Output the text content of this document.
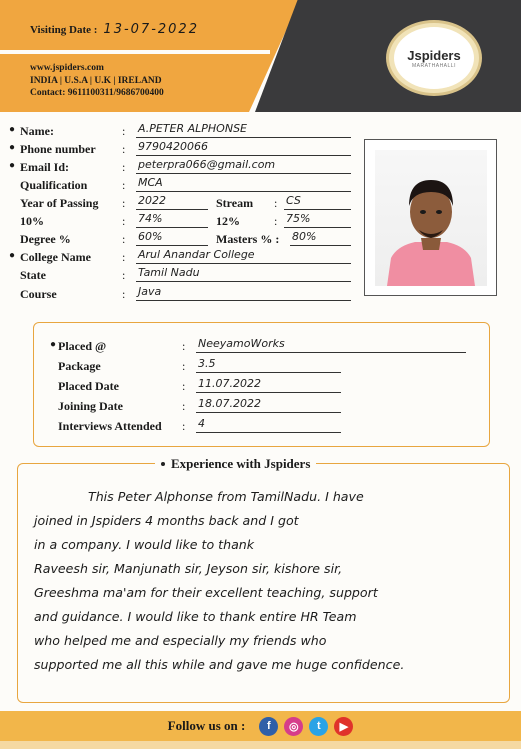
Visiting Date : 13-07-2022
www.jspiders.com
INDIA | U.S.A | U.K | IRELAND
Contact: 9611100311/9686700400
Jspiders
MARATHAHALLI
● Name:	: A.PETER ALPHONSE
● Phone number : 9790420066
● Email Id:	: peterpra066@gmail.com
Qualification	: MCA
Year of Passing : 2022	Stream : CS
10%	: 74%	12%	: 75%
Degree %	: 60%	Masters % : 80%
● College Name	: Arul Anandar College
State	: Tamil Nadu
Course	: Java
● Placed @	: NeeyamoWorks
Package	: 3.5
Placed Date	: 11.07.2022
Joining Date	: 18.07.2022
Interviews Attended : 4
Experience with Jspiders
This Peter Alphonse from TamilNadu. I have
joined in Jspiders 4 months back and I got
in a company. I would like to thank
Raveesh sir, Manjunath sir, Jeyson sir, kishore sir,
Greeshma ma'am for their excellent teaching, support
and guidance. I would like to thank entire HR Team
who helped me and especially my friends who
supported me all this while and gave me huge confidence.
Follow us on :	f	◎	t	▶
